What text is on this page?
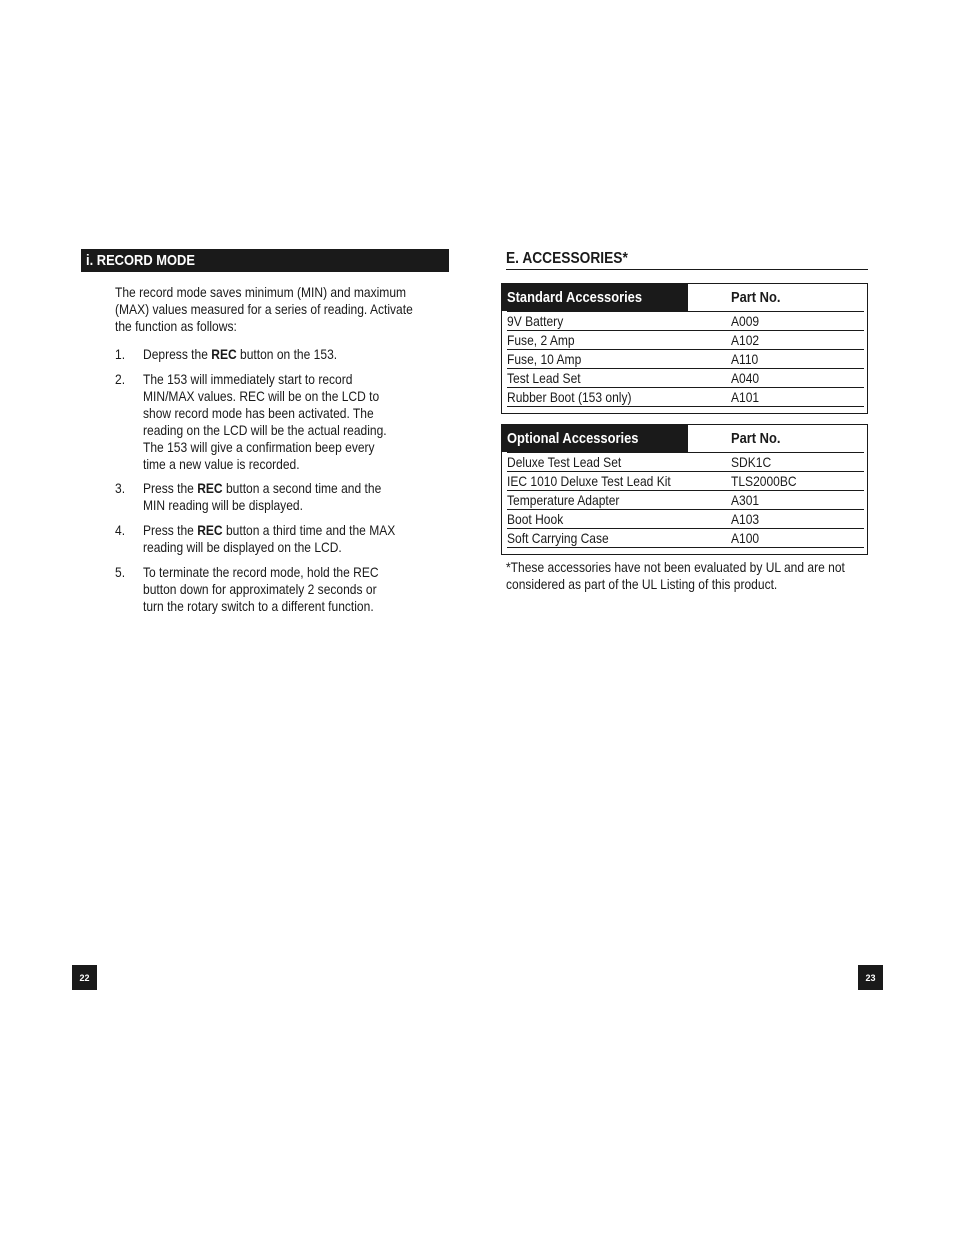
i. RECORD MODE
The record mode saves minimum (MIN) and maximum
(MAX) values measured for a series of reading. Activate
the function as follows:
1. Depress the REC button on the 153.
2. The 153 will immediately start to record
MIN/MAX values. REC will be on the LCD to
show record mode has been activated. The
reading on the LCD will be the actual reading.
The 153 will give a confirmation beep every
time a new value is recorded.
3. Press the REC button a second time and the
MIN reading will be displayed.
4. Press the REC button a third time and the MAX
reading will be displayed on the LCD.
5. To terminate the record mode, hold the REC
button down for approximately 2 seconds or
turn the rotary switch to a different function.
E. ACCESSORIES*
Standard Accessories	Part No.
9V Battery	A009
Fuse, 2 Amp	A102
Fuse, 10 Amp	A110
Test Lead Set	A040
Rubber Boot (153 only)	A101
Optional Accessories	Part No.
Deluxe Test Lead Set	SDK1C
IEC 1010 Deluxe Test Lead Kit	TLS2000BC
Temperature Adapter	A301
Boot Hook	A103
Soft Carrying Case	A100
*These accessories have not been evaluated by UL and are not
considered as part of the UL Listing of this product.
22	23
